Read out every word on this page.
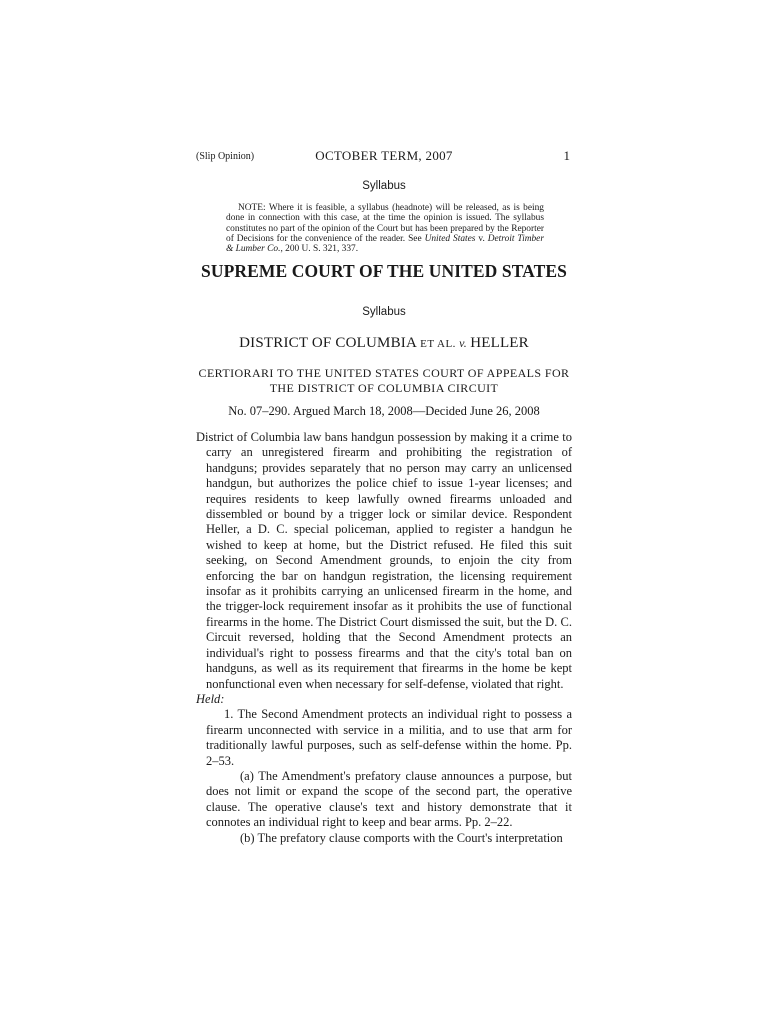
(Slip Opinion)	OCTOBER TERM, 2007	1
Syllabus

NOTE: Where it is feasible, a syllabus (headnote) will be released, as is being done in connection with this case, at the time the opinion is issued. The syllabus constitutes no part of the opinion of the Court but has been prepared by the Reporter of Decisions for the convenience of the reader. See United States v. Detroit Timber & Lumber Co., 200 U. S. 321, 337.

SUPREME COURT OF THE UNITED STATES
Syllabus
DISTRICT OF COLUMBIA ET AL. v. HELLER
CERTIORARI TO THE UNITED STATES COURT OF APPEALS FOR THE DISTRICT OF COLUMBIA CIRCUIT
No. 07–290. Argued March 18, 2008—Decided June 26, 2008

District of Columbia law bans handgun possession by making it a crime to carry an unregistered firearm and prohibiting the registration of handguns; provides separately that no person may carry an unlicensed handgun, but authorizes the police chief to issue 1-year licenses; and requires residents to keep lawfully owned firearms unloaded and dissembled or bound by a trigger lock or similar device. Respondent Heller, a D. C. special policeman, applied to register a handgun he wished to keep at home, but the District refused. He filed this suit seeking, on Second Amendment grounds, to enjoin the city from enforcing the bar on handgun registration, the licensing requirement insofar as it prohibits carrying an unlicensed firearm in the home, and the trigger-lock requirement insofar as it prohibits the use of functional firearms in the home. The District Court dismissed the suit, but the D. C. Circuit reversed, holding that the Second Amendment protects an individual's right to possess firearms and that the city's total ban on handguns, as well as its requirement that firearms in the home be kept nonfunctional even when necessary for self-defense, violated that right.

Held:

1. The Second Amendment protects an individual right to possess a firearm unconnected with service in a militia, and to use that arm for traditionally lawful purposes, such as self-defense within the home. Pp. 2–53.

(a) The Amendment's prefatory clause announces a purpose, but does not limit or expand the scope of the second part, the operative clause. The operative clause's text and history demonstrate that it connotes an individual right to keep and bear arms. Pp. 2–22.

(b) The prefatory clause comports with the Court's interpretation
